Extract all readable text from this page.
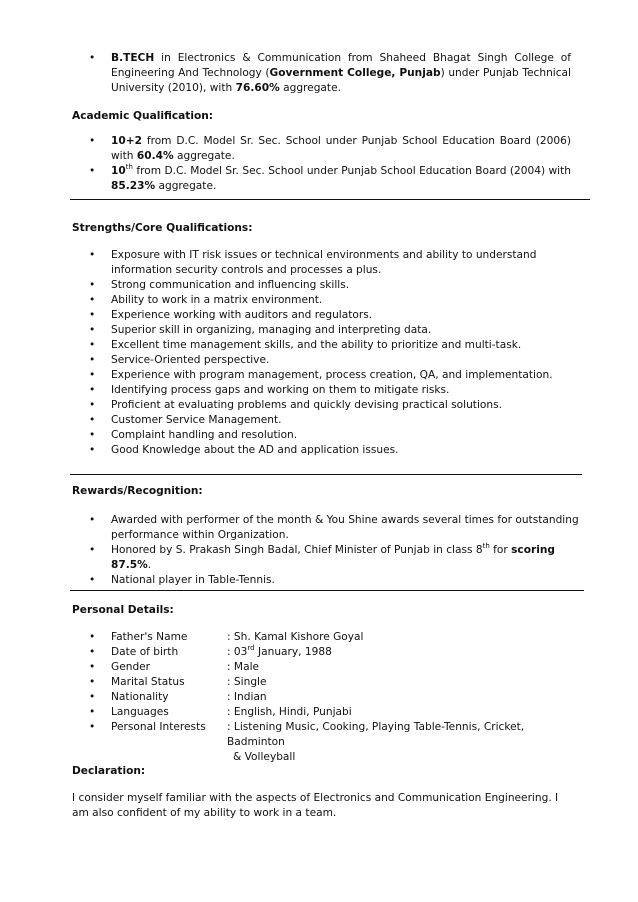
• B.TECH in Electronics & Communication from Shaheed Bhagat Singh College of Engineering And Technology (Government College, Punjab) under Punjab Technical University (2010), with 76.60% aggregate.
Academic Qualification:
• 10+2 from D.C. Model Sr. Sec. School under Punjab School Education Board (2006) with 60.4% aggregate.
• 10th from D.C. Model Sr. Sec. School under Punjab School Education Board (2004) with 85.23% aggregate.
Strengths/Core Qualifications:
• Exposure with IT risk issues or technical environments and ability to understand information security controls and processes a plus.
• Strong communication and influencing skills.
• Ability to work in a matrix environment.
• Experience working with auditors and regulators.
• Superior skill in organizing, managing and interpreting data.
• Excellent time management skills, and the ability to prioritize and multi-task.
• Service-Oriented perspective.
• Experience with program management, process creation, QA, and implementation.
• Identifying process gaps and working on them to mitigate risks.
• Proficient at evaluating problems and quickly devising practical solutions.
• Customer Service Management.
• Complaint handling and resolution.
• Good Knowledge about the AD and application issues.
Rewards/Recognition:
• Awarded with performer of the month & You Shine awards several times for outstanding performance within Organization.
• Honored by S. Prakash Singh Badal, Chief Minister of Punjab in class 8th for scoring 87.5%.
• National player in Table-Tennis.
Personal Details:
• Father's Name	: Sh. Kamal Kishore Goyal
• Date of birth	: 03rd January, 1988
• Gender	: Male
• Marital Status	: Single
• Nationality	: Indian
• Languages	: English, Hindi, Punjabi
• Personal Interests	: Listening Music, Cooking, Playing Table-Tennis, Cricket, Badminton
& Volleyball
Declaration:
I consider myself familiar with the aspects of Electronics and Communication Engineering. I am also confident of my ability to work in a team.
